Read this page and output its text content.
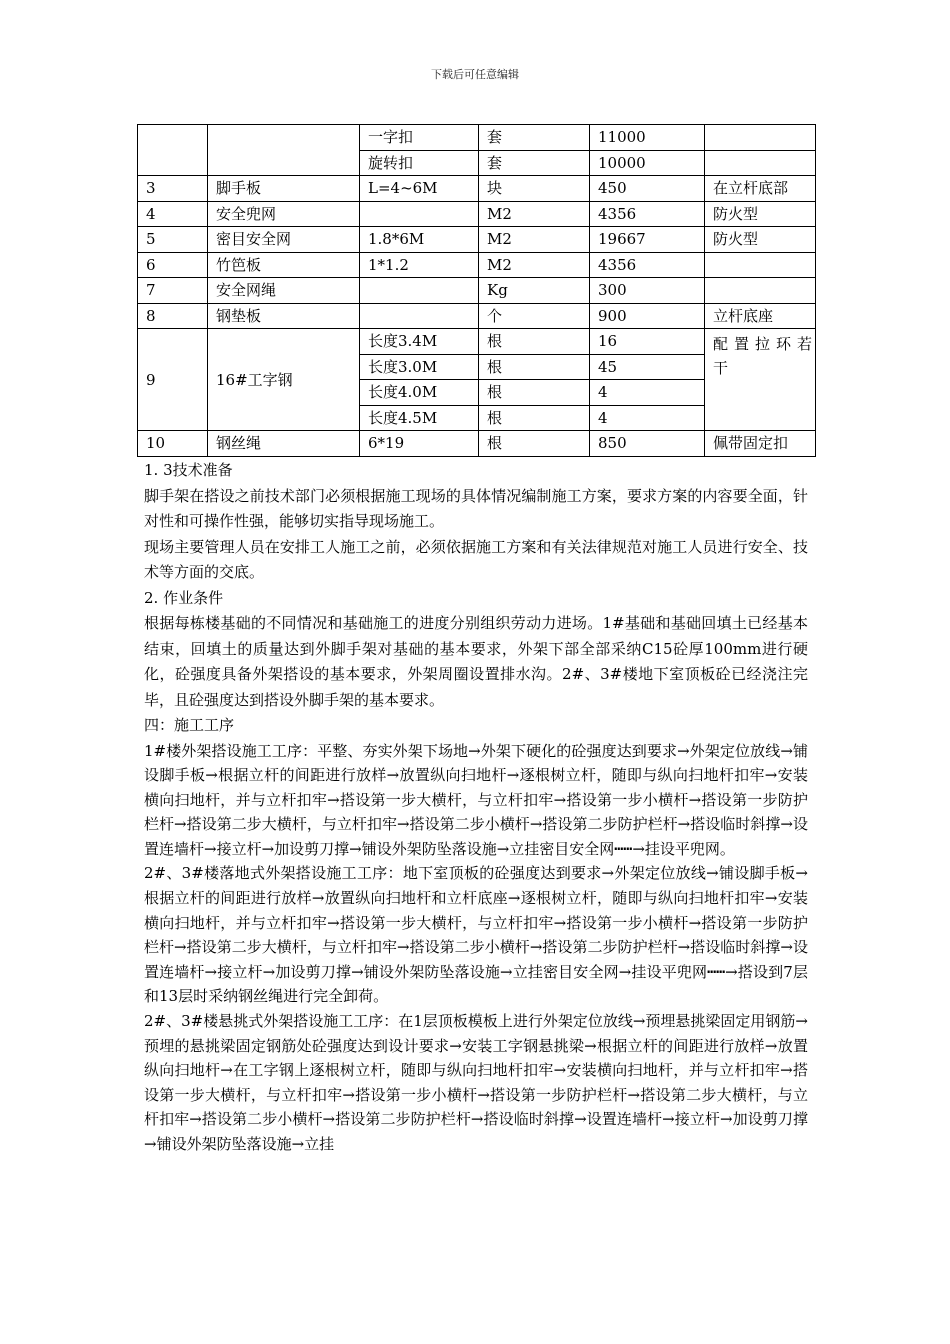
下载后可任意编辑
		一字扣	套	11000	
		旋转扣	套	10000	
3	脚手板	L=4~6M	块	450	在立杆底部
4	安全兜网		M2	4356	防火型
5	密目安全网	1.8*6M	M2	19667	防火型
6	竹笆板	1*1.2	M2	4356	
7	安全网绳		Kg	300	
8	钢垫板		个	900	立杆底座
9	16#工字钢	长度3.4M	根	16	配置拉环若干
		长度3.0M	根	45	
		长度4.0M	根	4	
		长度4.5M	根	4	
10	钢丝绳	6*19	根	850	佩带固定扣

1. 3技术准备

脚手架在搭设之前技术部门必须根据施工现场的具体情况编制施工方案，要求方案的内容要全面，针对性和可操作性强，能够切实指导现场施工。

现场主要管理人员在安排工人施工之前，必须依据施工方案和有关法律规范对施工人员进行安全、技术等方面的交底。

2. 作业条件

根据每栋楼基础的不同情况和基础施工的进度分别组织劳动力进场。1#基础和基础回填土已经基本结束，回填土的质量达到外脚手架对基础的基本要求，外架下部全部采纳C15砼厚100mm进行硬化，砼强度具备外架搭设的基本要求，外架周圈设置排水沟。2#、3#楼地下室顶板砼已经浇注完毕，且砼强度达到搭设外脚手架的基本要求。

四：施工工序

1#楼外架搭设施工工序：平整、夯实外架下场地→外架下硬化的砼强度达到要求→外架定位放线→铺设脚手板→根据立杆的间距进行放样→放置纵向扫地杆→逐根树立杆，随即与纵向扫地杆扣牢→安装横向扫地杆，并与立杆扣牢→搭设第一步大横杆，与立杆扣牢→搭设第一步小横杆→搭设第一步防护栏杆→搭设第二步大横杆，与立杆扣牢→搭设第二步小横杆→搭设第二步防护栏杆→搭设临时斜撑→设置连墙杆→接立杆→加设剪刀撑→铺设外架防坠落设施→立挂密目安全网┅┅→挂设平兜网。

2#、3#楼落地式外架搭设施工工序：地下室顶板的砼强度达到要求→外架定位放线→铺设脚手板→根据立杆的间距进行放样→放置纵向扫地杆和立杆底座→逐根树立杆，随即与纵向扫地杆扣牢→安装横向扫地杆，并与立杆扣牢→搭设第一步大横杆，与立杆扣牢→搭设第一步小横杆→搭设第一步防护栏杆→搭设第二步大横杆，与立杆扣牢→搭设第二步小横杆→搭设第二步防护栏杆→搭设临时斜撑→设置连墙杆→接立杆→加设剪刀撑→铺设外架防坠落设施→立挂密目安全网→挂设平兜网┅┅→搭设到7层和13层时采纳钢丝绳进行完全卸荷。

2#、3#楼悬挑式外架搭设施工工序：在1层顶板模板上进行外架定位放线→预埋悬挑梁固定用钢筋→预埋的悬挑梁固定钢筋处砼强度达到设计要求→安装工字钢悬挑梁→根据立杆的间距进行放样→放置纵向扫地杆→在工字钢上逐根树立杆，随即与纵向扫地杆扣牢→安装横向扫地杆，并与立杆扣牢→搭设第一步大横杆，与立杆扣牢→搭设第一步小横杆→搭设第一步防护栏杆→搭设第二步大横杆，与立杆扣牢→搭设第二步小横杆→搭设第二步防护栏杆→搭设临时斜撑→设置连墙杆→接立杆→加设剪刀撑→铺设外架防坠落设施→立挂
